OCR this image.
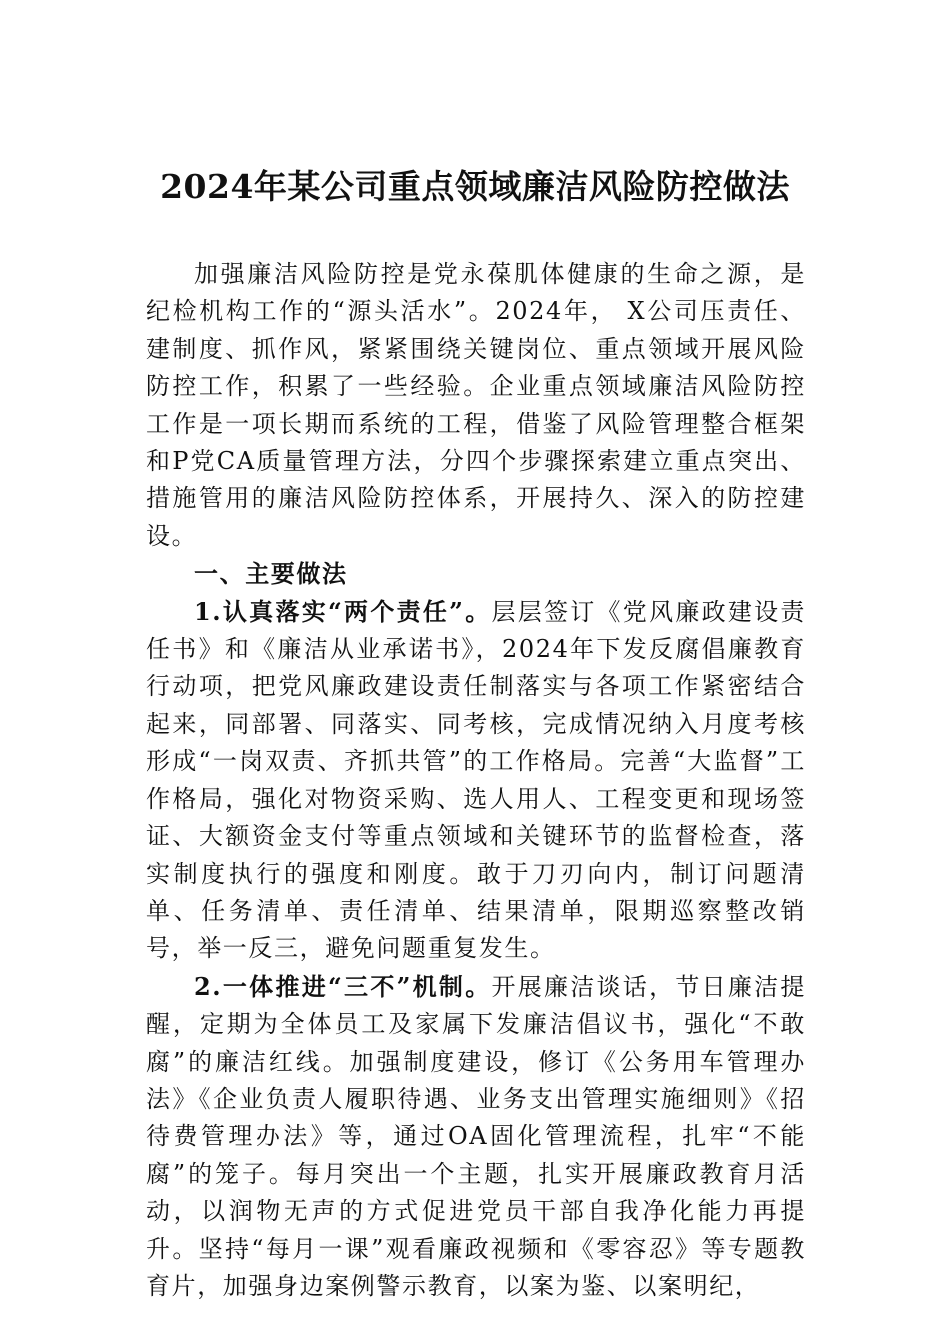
2024年某公司重点领域廉洁风险防控做法

加强廉洁风险防控是党永葆肌体健康的生命之源，是纪检机构工作的“源头活水”。2024年， X公司压责任、建制度、抓作风，紧紧围绕关键岗位、重点领域开展风险防控工作，积累了一些经验。企业重点领域廉洁风险防控工作是一项长期而系统的工程，借鉴了风险管理整合框架和P党CA质量管理方法，分四个步骤探索建立重点突出、措施管用的廉洁风险防控体系，开展持久、深入的防控建设。

一、主要做法

1.认真落实“两个责任”。层层签订《党风廉政建设责任书》和《廉洁从业承诺书》，2024年下发反腐倡廉教育行动项，把党风廉政建设责任制落实与各项工作紧密结合起来，同部署、同落实、同考核，完成情况纳入月度考核形成“一岗双责、齐抓共管”的工作格局。完善“大监督”工作格局，强化对物资采购、选人用人、工程变更和现场签证、大额资金支付等重点领域和关键环节的监督检查，落实制度执行的强度和刚度。敢于刀刃向内，制订问题清单、任务清单、责任清单、结果清单，限期巡察整改销号，举一反三，避免问题重复发生。

2.一体推进“三不”机制。开展廉洁谈话，节日廉洁提醒，定期为全体员工及家属下发廉洁倡议书，强化“不敢腐”的廉洁红线。加强制度建设，修订《公务用车管理办法》《企业负责人履职待遇、业务支出管理实施细则》《招待费管理办法》等，通过OA固化管理流程，扎牢“不能腐”的笼子。每月突出一个主题，扎实开展廉政教育月活动，以润物无声的方式促进党员干部自我净化能力再提升。坚持“每月一课”观看廉政视频和《零容忍》等专题教育片，加强身边案例警示教育，以案为鉴、以案明纪，
